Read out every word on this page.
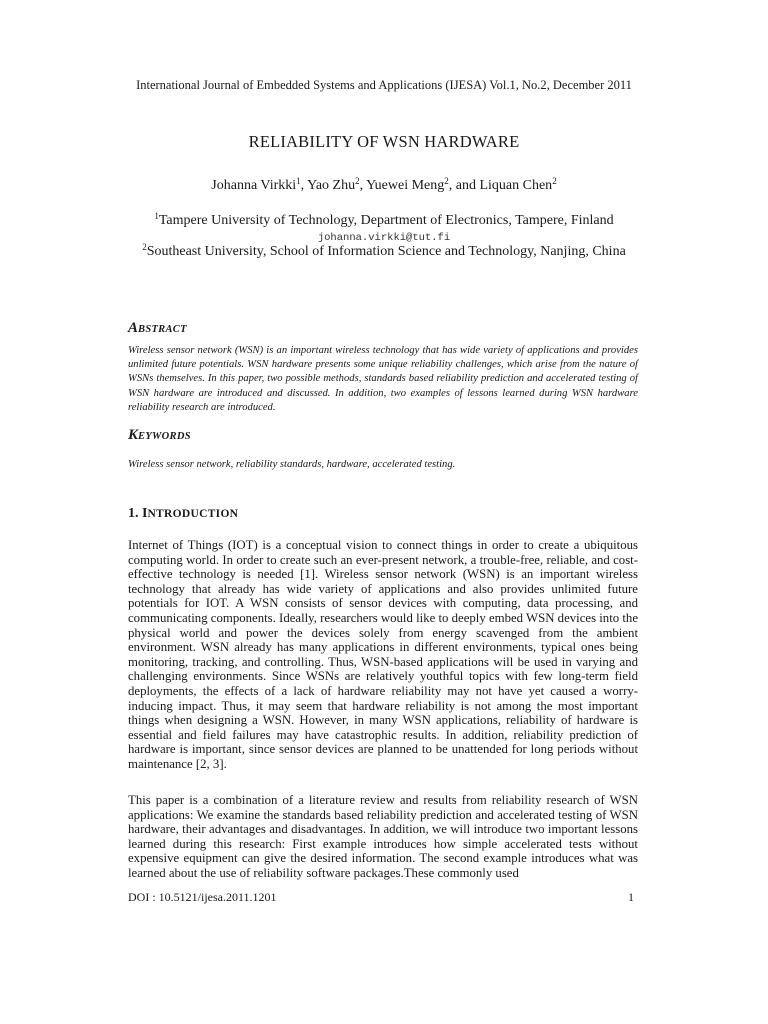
International Journal of Embedded Systems and Applications (IJESA) Vol.1, No.2, December 2011
RELIABILITY OF WSN HARDWARE
Johanna Virkki$^1$, Yao Zhu$^2$, Yuewei Meng$^2$, and Liquan Chen$^2$
$^1$Tampere University of Technology, Department of Electronics, Tampere, Finland
johanna.virkki@tut.fi
$^2$Southeast University, School of Information Science and Technology, Nanjing, China
ABSTRACT
Wireless sensor network (WSN) is an important wireless technology that has wide variety of applications and provides unlimited future potentials. WSN hardware presents some unique reliability challenges, which arise from the nature of WSNs themselves. In this paper, two possible methods, standards based reliability prediction and accelerated testing of WSN hardware are introduced and discussed. In addition, two examples of lessons learned during WSN hardware reliability research are introduced.
KEYWORDS
Wireless sensor network, reliability standards, hardware, accelerated testing.
1. INTRODUCTION
Internet of Things (IOT) is a conceptual vision to connect things in order to create a ubiquitous computing world. In order to create such an ever-present network, a trouble-free, reliable, and cost-effective technology is needed [1]. Wireless sensor network (WSN) is an important wireless technology that already has wide variety of applications and also provides unlimited future potentials for IOT. A WSN consists of sensor devices with computing, data processing, and communicating components. Ideally, researchers would like to deeply embed WSN devices into the physical world and power the devices solely from energy scavenged from the ambient environment. WSN already has many applications in different environments, typical ones being monitoring, tracking, and controlling. Thus, WSN-based applications will be used in varying and challenging environments. Since WSNs are relatively youthful topics with few long-term field deployments, the effects of a lack of hardware reliability may not have yet caused a worry-inducing impact. Thus, it may seem that hardware reliability is not among the most important things when designing a WSN. However, in many WSN applications, reliability of hardware is essential and field failures may have catastrophic results. In addition, reliability prediction of hardware is important, since sensor devices are planned to be unattended for long periods without maintenance [2, 3].
This paper is a combination of a literature review and results from reliability research of WSN applications: We examine the standards based reliability prediction and accelerated testing of WSN hardware, their advantages and disadvantages. In addition, we will introduce two important lessons learned during this research: First example introduces how simple accelerated tests without expensive equipment can give the desired information. The second example introduces what was learned about the use of reliability software packages.These commonly used
DOI : 10.5121/ijesa.2011.1201	1
